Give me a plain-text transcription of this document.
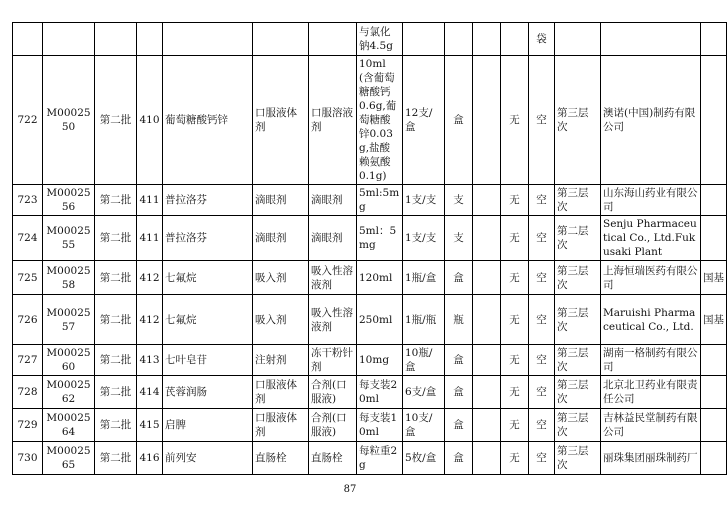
							与氯化钠4.5g					袋			
722	M0002550	第二批	410	葡萄糖酸钙锌	口服液体剂	口服溶液剂	10ml(含葡萄糖酸钙0.6g,葡萄糖酸锌0.03g,盐酸赖氨酸0.1g)	12支/盒	盒		无	空	第三层次	澳诺(中国)制药有限公司	
723	M0002556	第二批	411	普拉洛芬	滴眼剂	滴眼剂	5ml:5mg	1支/支	支		无	空	第三层次	山东海山药业有限公司	
724	M0002555	第二批	411	普拉洛芬	滴眼剂	滴眼剂	5ml：5mg	1支/支	支		无	空	第二层次	Senju Pharmaceutical Co., Ltd.Fukusaki Plant	
725	M0002558	第二批	412	七氟烷	吸入剂	吸入性溶液剂	120ml	1瓶/盒	盒		无	空	第三层次	上海恒瑞医药有限公司	国基
726	M0002557	第二批	412	七氟烷	吸入剂	吸入性溶液剂	250ml	1瓶/瓶	瓶		无	空	第三层次	Maruishi Pharmaceutical Co., Ltd.	国基
727	M0002560	第二批	413	七叶皂苷	注射剂	冻干粉针剂	10mg	10瓶/盒	盒		无	空	第三层次	湖南一格制药有限公司	
728	M0002562	第二批	414	芪蓉润肠	口服液体剂	合剂(口服液)	每支装20ml	6支/盒	盒		无	空	第三层次	北京北卫药业有限责任公司	
729	M0002564	第二批	415	启脾	口服液体剂	合剂(口服液)	每支装10ml	10支/盒	盒		无	空	第三层次	吉林益民堂制药有限公司	
730	M0002565	第二批	416	前列安	直肠栓	直肠栓	每粒重2g	5枚/盒	盒		无	空	第三层次	丽珠集团丽珠制药厂	
87
